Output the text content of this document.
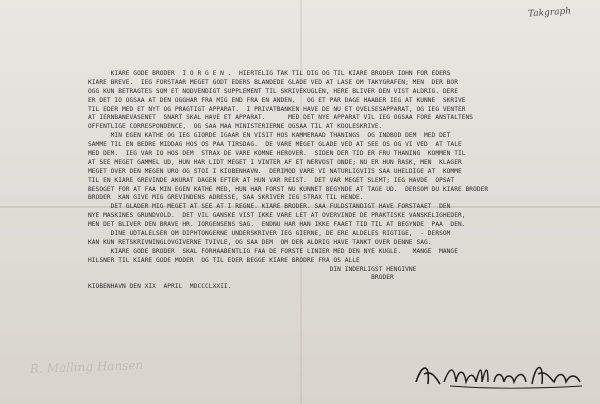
Takgraph
KIÄRE GODE BRODER  I Ö R G E N .  HIERTELIG TAK TIL DIG OG TIL KIÄRE BRODER IOHN FOR EDERS
KIÄRE BREVE.  IEG FORSTAAR MEGET GODT EDERS BLANDEDE GLÄDE VED AT LÄSE OM TAKYGRAFEN; MEN  DER BÖR
OGG KUN BETRAGTES SOM ET NÖDVENDIGT SUPPLEMENT TIL SKRIVEKUGLEN, HERE BLIVER DEN VIST ALDRIG. DERE
ER DET IO OGSAA AT DEN OGGHAR FRA MIG END FRA EN ANDEN.   OG ET PAR DAGE HAABER IEG AT KUNNE  SKRIVE
TIL EDER MED ET NYT OG PRÄGTIGT APPARAT.  I PRIVATBANKEN HAVE DE NU ET ÖVELSESAPPARAT, OG IEG VENTER
AT IERNBANEVÄSENET  SNART SKAL HAVE ET APPARAT.      MED DET NYE APPARAT VIL IEG OGSAA FÖRE ANSTALTENS
OFFENTLIGE CORRESPONDENCE,  OG SAA MAA MINISTERIERNE OGSAA TIL AT KOOLESKRIVE.
MIN EGEN KÄTHE OG IEG GIORDE IGAAR EN VISIT HOS KAMMERAAD THANINGS  OG INDBÖD DEM  MED DET
SAMME TIL EN BEDRE MIDDAG HOS OS PAA TIRSDAG.  DE VARE MEGET GLADE VED AT SEE OS OG VI VED  AT TALE
MED DEM.  IEG VAR IO HOS DEM  STRAX DE VARE KOMNE HEROVER.  SIDEN DER TID ER FRU THANING  KOMMEN TIL
AT SEE MEGET GAMMEL UD, HUN HAR LIDT MEGET I VINTER AF ET NERVÖST ONDE; NU ER HUN RASK, MEN  KLAGER
MEGET OVER DEN MEGEN URO OG STÖI I KIÖBENHAVN.  DERIMOD VARE VI NATURLIGVIIS SAA UHELDIGE AT  KOMME
TIL EN KIÄRE GREVINDE AKURAT DAGEN EFTER AT HUN VAR REIST.  DET VAR MEGET SLEMT; IEG HAVDE  OPSAT
BESÖGET FOR AT FAA MIN EGEN KÄTHE MED, HUN HAR FÖRST NU KUNNET BEGYNDE AT TAGE UD.  DERSOM DU KIÄRE BRODER
BRODER  KAN GIVE MIG GREVINDENS ADRESSE, SAA SKRIVER IEG STRAX TIL HENDE.
DET GLÄDER MIG MEGET AT SEE AT I REGNE. KIÄRE BRODER. SAA FULDSTÄNDIGT HAVE FORSTAAET  DEN
NYE MASKINES GRUNDVOLD.  DET VIL GANSKE VIST IKKE VÄRE LET AT OVERVINDE DE PRAKTISKE VANSKELIGHEDER,
MEN DET BLIVER DEN BRAVE HR. IÖRGENSENS SAG.  ENDNU HAR HAN IKKE FAAET TID TIL AT BEGYNDE  PAA  DEN.
DINE UDTALELSER OM DIPHTONGERNE UNDERSKRIVER IEG GIERNE, DE ERE ALDELES RIGTIGE,  - DERSOM
KAN KUN RETSKRIVNINGLOVGIVERNE TVIVLE, OG SAA DEM  OM DER ALDRIG HAVE TÄNKT OVER DENNE SAG.
KIÄRE GODE BRODER  SKAL FORHAABENTLIG FAA DE FÖRSTE LINIER MED DEN NYE KUGLE.   MANGE  MANGE
HILSNER TIL KIÄRE GODE MODER  OG TIL EDER BEGGE KIÄRE BRÖDRE FRA OS ALLE
DIN INDERLIGST HENGIVNE
BRODER
KIÖBENHAVN DEN XIX  APRIL  MDCCCLXXII.
R. Malling Hansen
